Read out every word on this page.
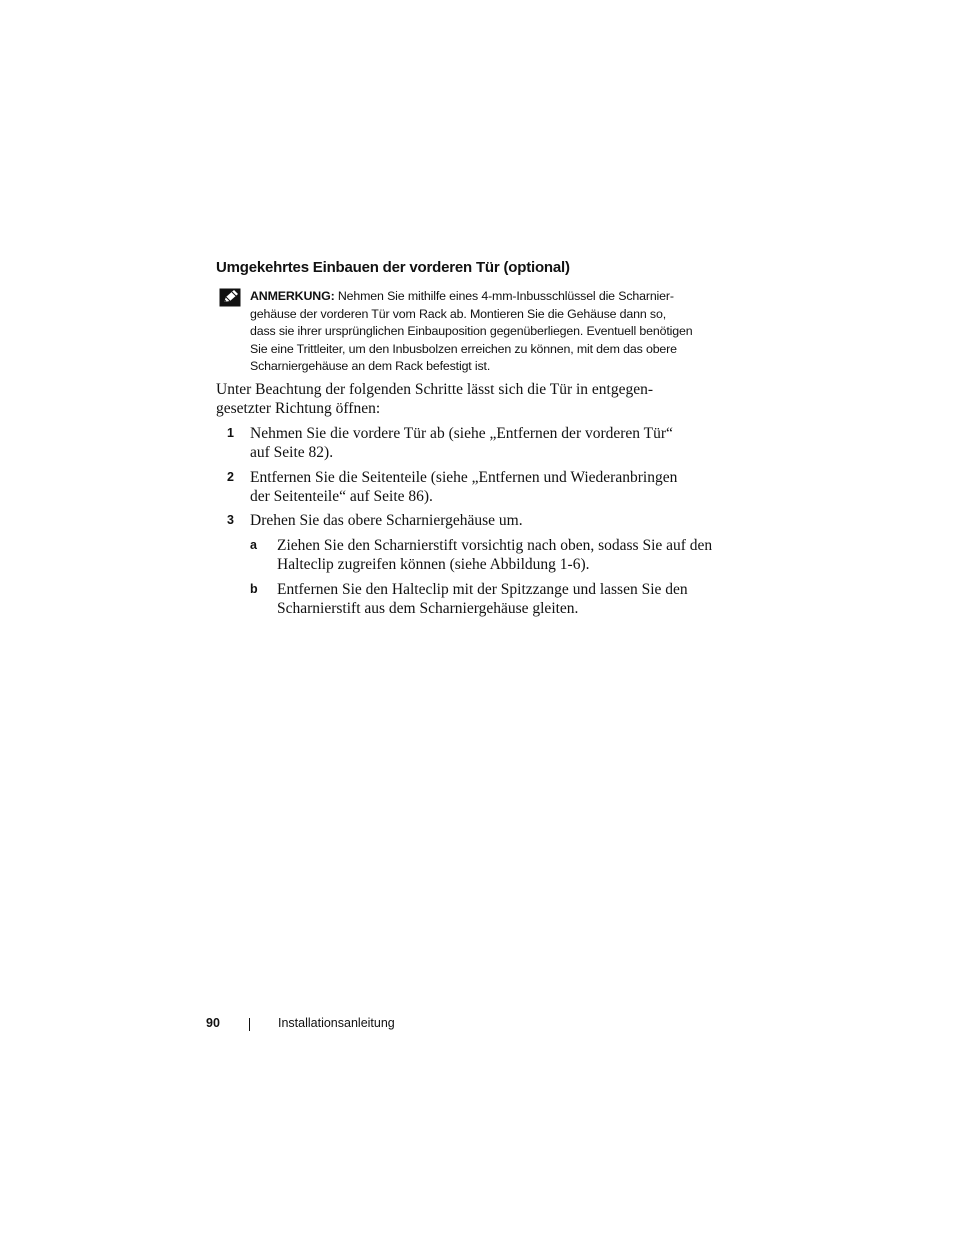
Umgekehrtes Einbauen der vorderen Tür (optional)
ANMERKUNG: Nehmen Sie mithilfe eines 4-mm-Inbusschlüssel die Scharnier-
gehäuse der vorderen Tür vom Rack ab. Montieren Sie die Gehäuse dann so,
dass sie ihrer ursprünglichen Einbauposition gegenüberliegen. Eventuell benötigen
Sie eine Trittleiter, um den Inbusbolzen erreichen zu können, mit dem das obere
Scharniergehäuse an dem Rack befestigt ist.
Unter Beachtung der folgenden Schritte lässt sich die Tür in entgegen-
gesetzter Richtung öffnen:
1 Nehmen Sie die vordere Tür ab (siehe „Entfernen der vorderen Tür“
auf Seite 82).
2 Entfernen Sie die Seitenteile (siehe „Entfernen und Wiederanbringen
der Seitenteile“ auf Seite 86).
3 Drehen Sie das obere Scharniergehäuse um.
a Ziehen Sie den Scharnierstift vorsichtig nach oben, sodass Sie auf den
Halteclip zugreifen können (siehe Abbildung 1-6).
b Entfernen Sie den Halteclip mit der Spitzzange und lassen Sie den
Scharnierstift aus dem Scharniergehäuse gleiten.
90	Installationsanleitung
